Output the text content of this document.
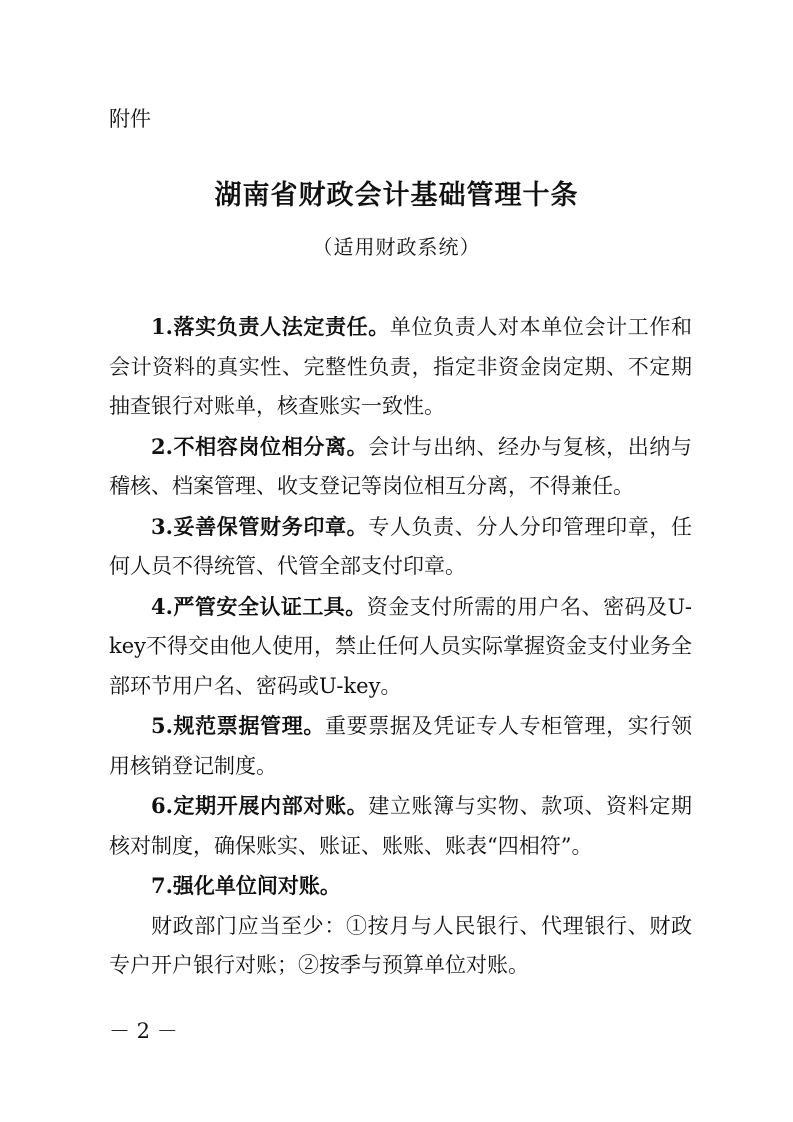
附件
湖南省财政会计基础管理十条
（适用财政系统）

1.落实负责人法定责任。单位负责人对本单位会计工作和会计资料的真实性、完整性负责，指定非资金岗定期、不定期抽查银行对账单，核查账实一致性。

2.不相容岗位相分离。会计与出纳、经办与复核，出纳与稽核、档案管理、收支登记等岗位相互分离，不得兼任。

3.妥善保管财务印章。专人负责、分人分印管理印章，任何人员不得统管、代管全部支付印章。

4.严管安全认证工具。资金支付所需的用户名、密码及U-key不得交由他人使用，禁止任何人员实际掌握资金支付业务全部环节用户名、密码或U-key。

5.规范票据管理。重要票据及凭证专人专柜管理，实行领用核销登记制度。

6.定期开展内部对账。建立账簿与实物、款项、资料定期核对制度，确保账实、账证、账账、账表“四相符”。

7.强化单位间对账。

财政部门应当至少：①按月与人民银行、代理银行、财政专户开户银行对账；②按季与预算单位对账。

－ 2 －
